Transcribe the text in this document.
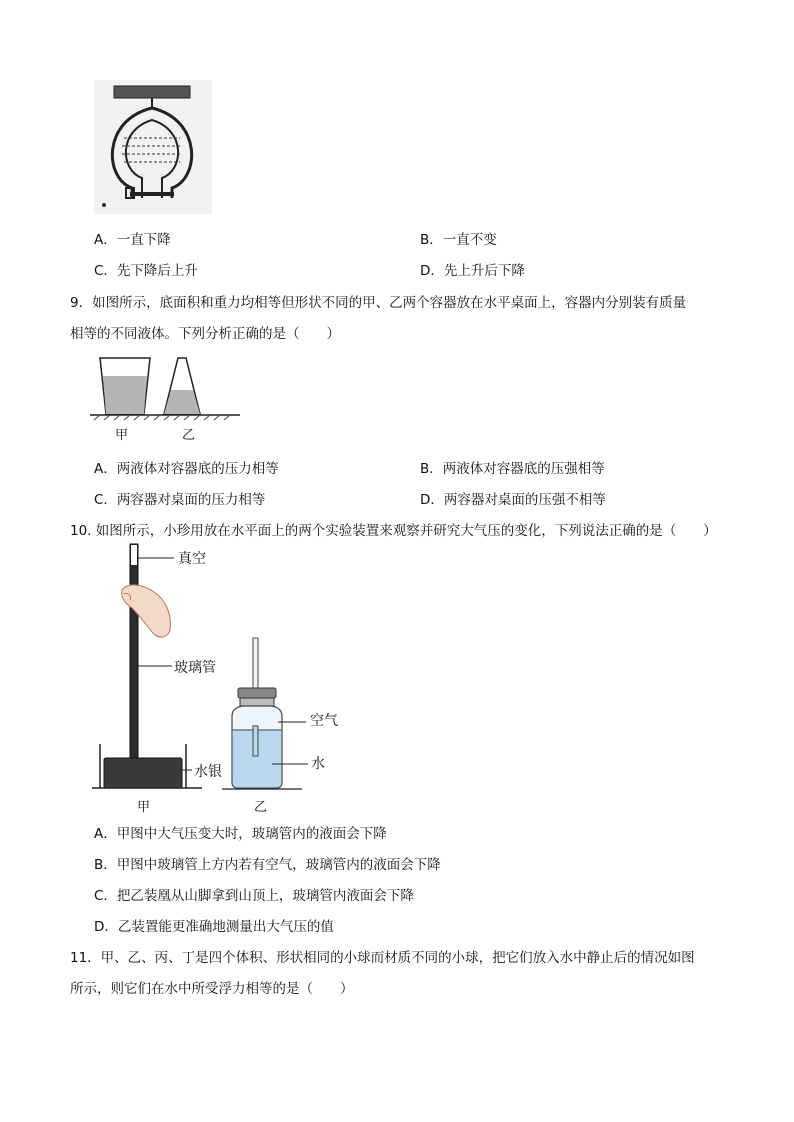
A．一直下降	B．一直不变
C．先下降后上升	D．先上升后下降
9．如图所示，底面积和重力均相等但形状不同的甲、乙两个容器放在水平桌面上，容器内分别装有质量
相等的不同液体。下列分析正确的是（　　）
甲	乙
A．两液体对容器底的压力相等	B．两液体对容器底的压强相等
C．两容器对桌面的压力相等	D．两容器对桌面的压强不相等
10. 如图所示，小珍用放在水平面上的两个实验装置来观察并研究大气压的变化，下列说法正确的是（　　）
真空
玻璃管
水银
空气
水
甲	乙
A．甲图中大气压变大时，玻璃管内的液面会下降
B．甲图中玻璃管上方内若有空气，玻璃管内的液面会下降
C．把乙装凰从山脚拿到山顶上，玻璃管内液面会下降
D．乙装置能更准确地测量出大气压的值
11．甲、乙、丙、丁是四个体积、形状相同的小球而材质不同的小球，把它们放入水中静止后的情况如图
所示，则它们在水中所受浮力相等的是（　　）
